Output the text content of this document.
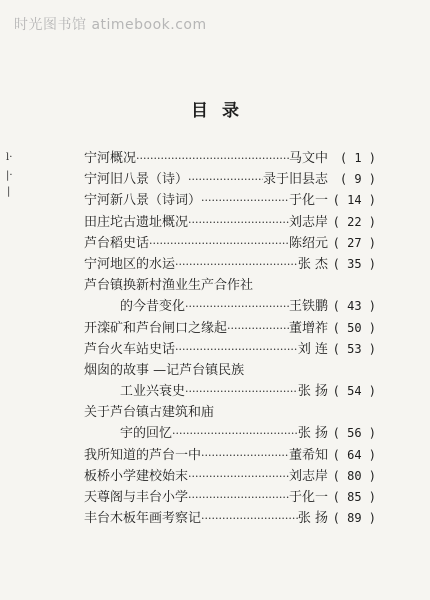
时光图书馆 atimebook.com
目录
l·
|·
|
宁河概况 ·····	马文中 ( 1 )
宁河旧八景（诗） ·····	录于旧县志 ( 9 )
宁河新八景（诗词） ·····	于化一 ( 14 )
田庄坨古遗址概况 ·····	刘志岸 ( 22 )
芦台稻史话 ·····	陈绍元 ( 27 )
宁河地区的水运 ·····	张 杰 ( 35 )
芦台镇换新村渔业生产合作社
的今昔变化 ·····	王铁鹏 ( 43 )
开滦矿和芦台闸口之缘起 ·····	董增祚 ( 50 )
芦台火车站史话 ·····	刘 连 ( 53 )
烟囱的故事 —记芦台镇民族
工业兴衰史 ·····	张 扬 ( 54 )
关于芦台镇古建筑和庙
宇的回忆 ·····	张 扬 ( 56 )
我所知道的芦台一中 ·····	董希知 ( 64 )
板桥小学建校始末 ·····	刘志岸 ( 80 )
天尊阁与丰台小学 ·····	于化一 ( 85 )
丰台木板年画考察记 ·····	张 扬 ( 89 )
